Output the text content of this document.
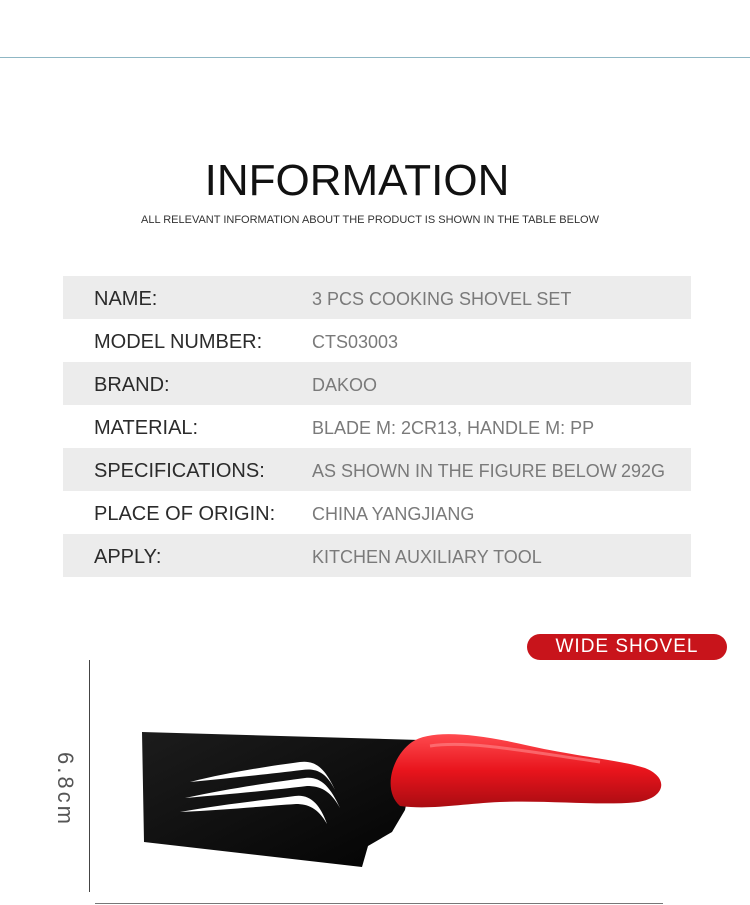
INFORMATION
ALL RELEVANT INFORMATION ABOUT THE PRODUCT IS SHOWN IN THE TABLE BELOW
NAME:	3 PCS COOKING SHOVEL SET
MODEL NUMBER:	CTS03003
BRAND:	DAKOO
MATERIAL:	BLADE M: 2CR13, HANDLE M: PP
SPECIFICATIONS:	AS SHOWN IN THE FIGURE BELOW 292G
PLACE OF ORIGIN: CHINA YANGJIANG
APPLY:	KITCHEN AUXILIARY TOOL
WIDE SHOVEL
6.8cm
